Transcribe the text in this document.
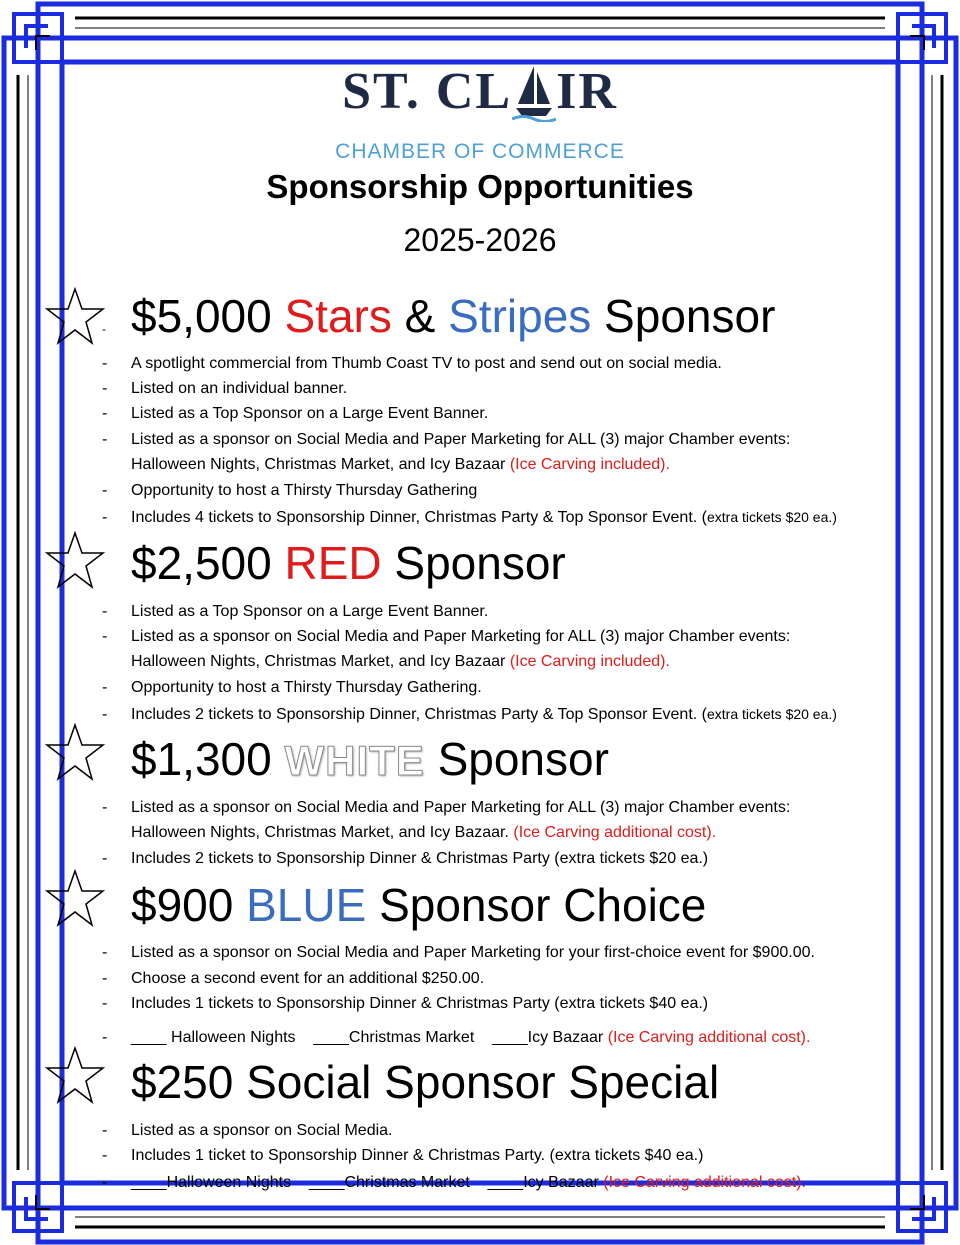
ST. CL IR
CHAMBER OF COMMERCE
Sponsorship Opportunities
2025-2026
- $5,000 Stars & Stripes Sponsor
- A spotlight commercial from Thumb Coast TV to post and send out on social media.
- Listed on an individual banner.
- Listed as a Top Sponsor on a Large Event Banner.
- Listed as a sponsor on Social Media and Paper Marketing for ALL (3) major Chamber events:
Halloween Nights, Christmas Market, and Icy Bazaar (Ice Carving included).
- Opportunity to host a Thirsty Thursday Gathering
- Includes 4 tickets to Sponsorship Dinner, Christmas Party & Top Sponsor Event. (extra tickets $20 ea.)
$2,500 RED Sponsor
- Listed as a Top Sponsor on a Large Event Banner.
- Listed as a sponsor on Social Media and Paper Marketing for ALL (3) major Chamber events:
Halloween Nights, Christmas Market, and Icy Bazaar (Ice Carving included).
- Opportunity to host a Thirsty Thursday Gathering.
- Includes 2 tickets to Sponsorship Dinner, Christmas Party & Top Sponsor Event. (extra tickets $20 ea.)
$1,300 WHITE Sponsor
- Listed as a sponsor on Social Media and Paper Marketing for ALL (3) major Chamber events:
Halloween Nights, Christmas Market, and Icy Bazaar. (Ice Carving additional cost).
- Includes 2 tickets to Sponsorship Dinner & Christmas Party (extra tickets $20 ea.)
$900 BLUE Sponsor Choice
- Listed as a sponsor on Social Media and Paper Marketing for your first-choice event for $900.00.
- Choose a second event for an additional $250.00.
- Includes 1 tickets to Sponsorship Dinner & Christmas Party (extra tickets $40 ea.)
- ____ Halloween Nights    ____Christmas Market    ____Icy Bazaar (Ice Carving additional cost).
$250 Social Sponsor Special
- Listed as a sponsor on Social Media.
- Includes 1 ticket to Sponsorship Dinner & Christmas Party. (extra tickets $40 ea.)
- ____Halloween Nights    ____Christmas Market    ____Icy Bazaar (Ice Carving additional cost).
